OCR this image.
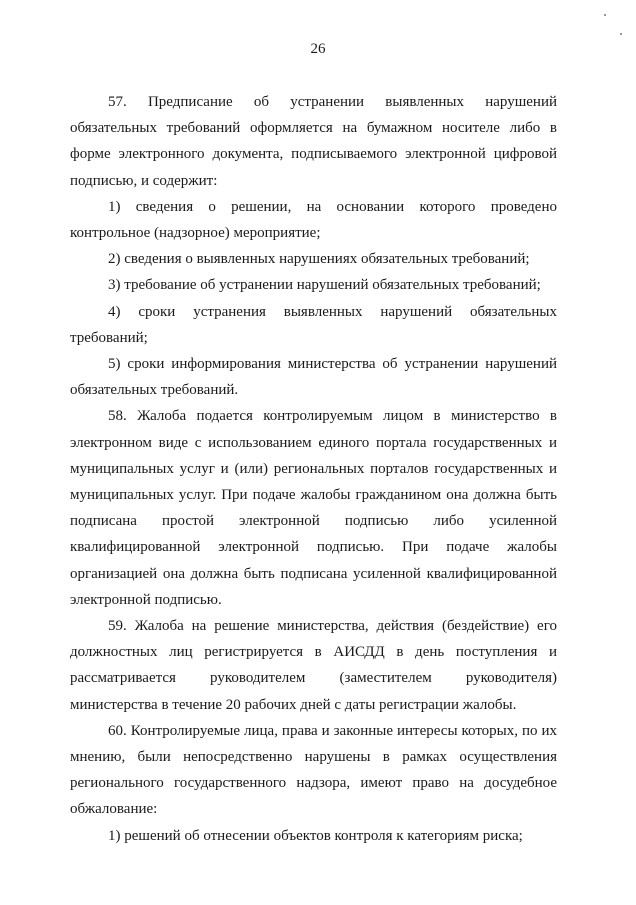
26

57. Предписание об устранении выявленных нарушений обязательных требований оформляется на бумажном носителе либо в форме электронного документа, подписываемого электронной цифровой подписью, и содержит:

1) сведения о решении, на основании которого проведено контрольное (надзорное) мероприятие;

2) сведения о выявленных нарушениях обязательных требований;

3) требование об устранении нарушений обязательных требований;

4) сроки устранения выявленных нарушений обязательных требований;

5) сроки информирования министерства об устранении нарушений обязательных требований.

58. Жалоба подается контролируемым лицом в министерство в электронном виде с использованием единого портала государственных и муниципальных услуг и (или) региональных порталов государственных и муниципальных услуг. При подаче жалобы гражданином она должна быть подписана простой электронной подписью либо усиленной квалифицированной электронной подписью. При подаче жалобы организацией она должна быть подписана усиленной квалифицированной электронной подписью.

59. Жалоба на решение министерства, действия (бездействие) его должностных лиц регистрируется в АИСДД в день поступления и рассматривается руководителем (заместителем руководителя) министерства в течение 20 рабочих дней с даты регистрации жалобы.

60. Контролируемые лица, права и законные интересы которых, по их мнению, были непосредственно нарушены в рамках осуществления регионального государственного надзора, имеют право на досудебное обжалование:

1) решений об отнесении объектов контроля к категориям риска;
